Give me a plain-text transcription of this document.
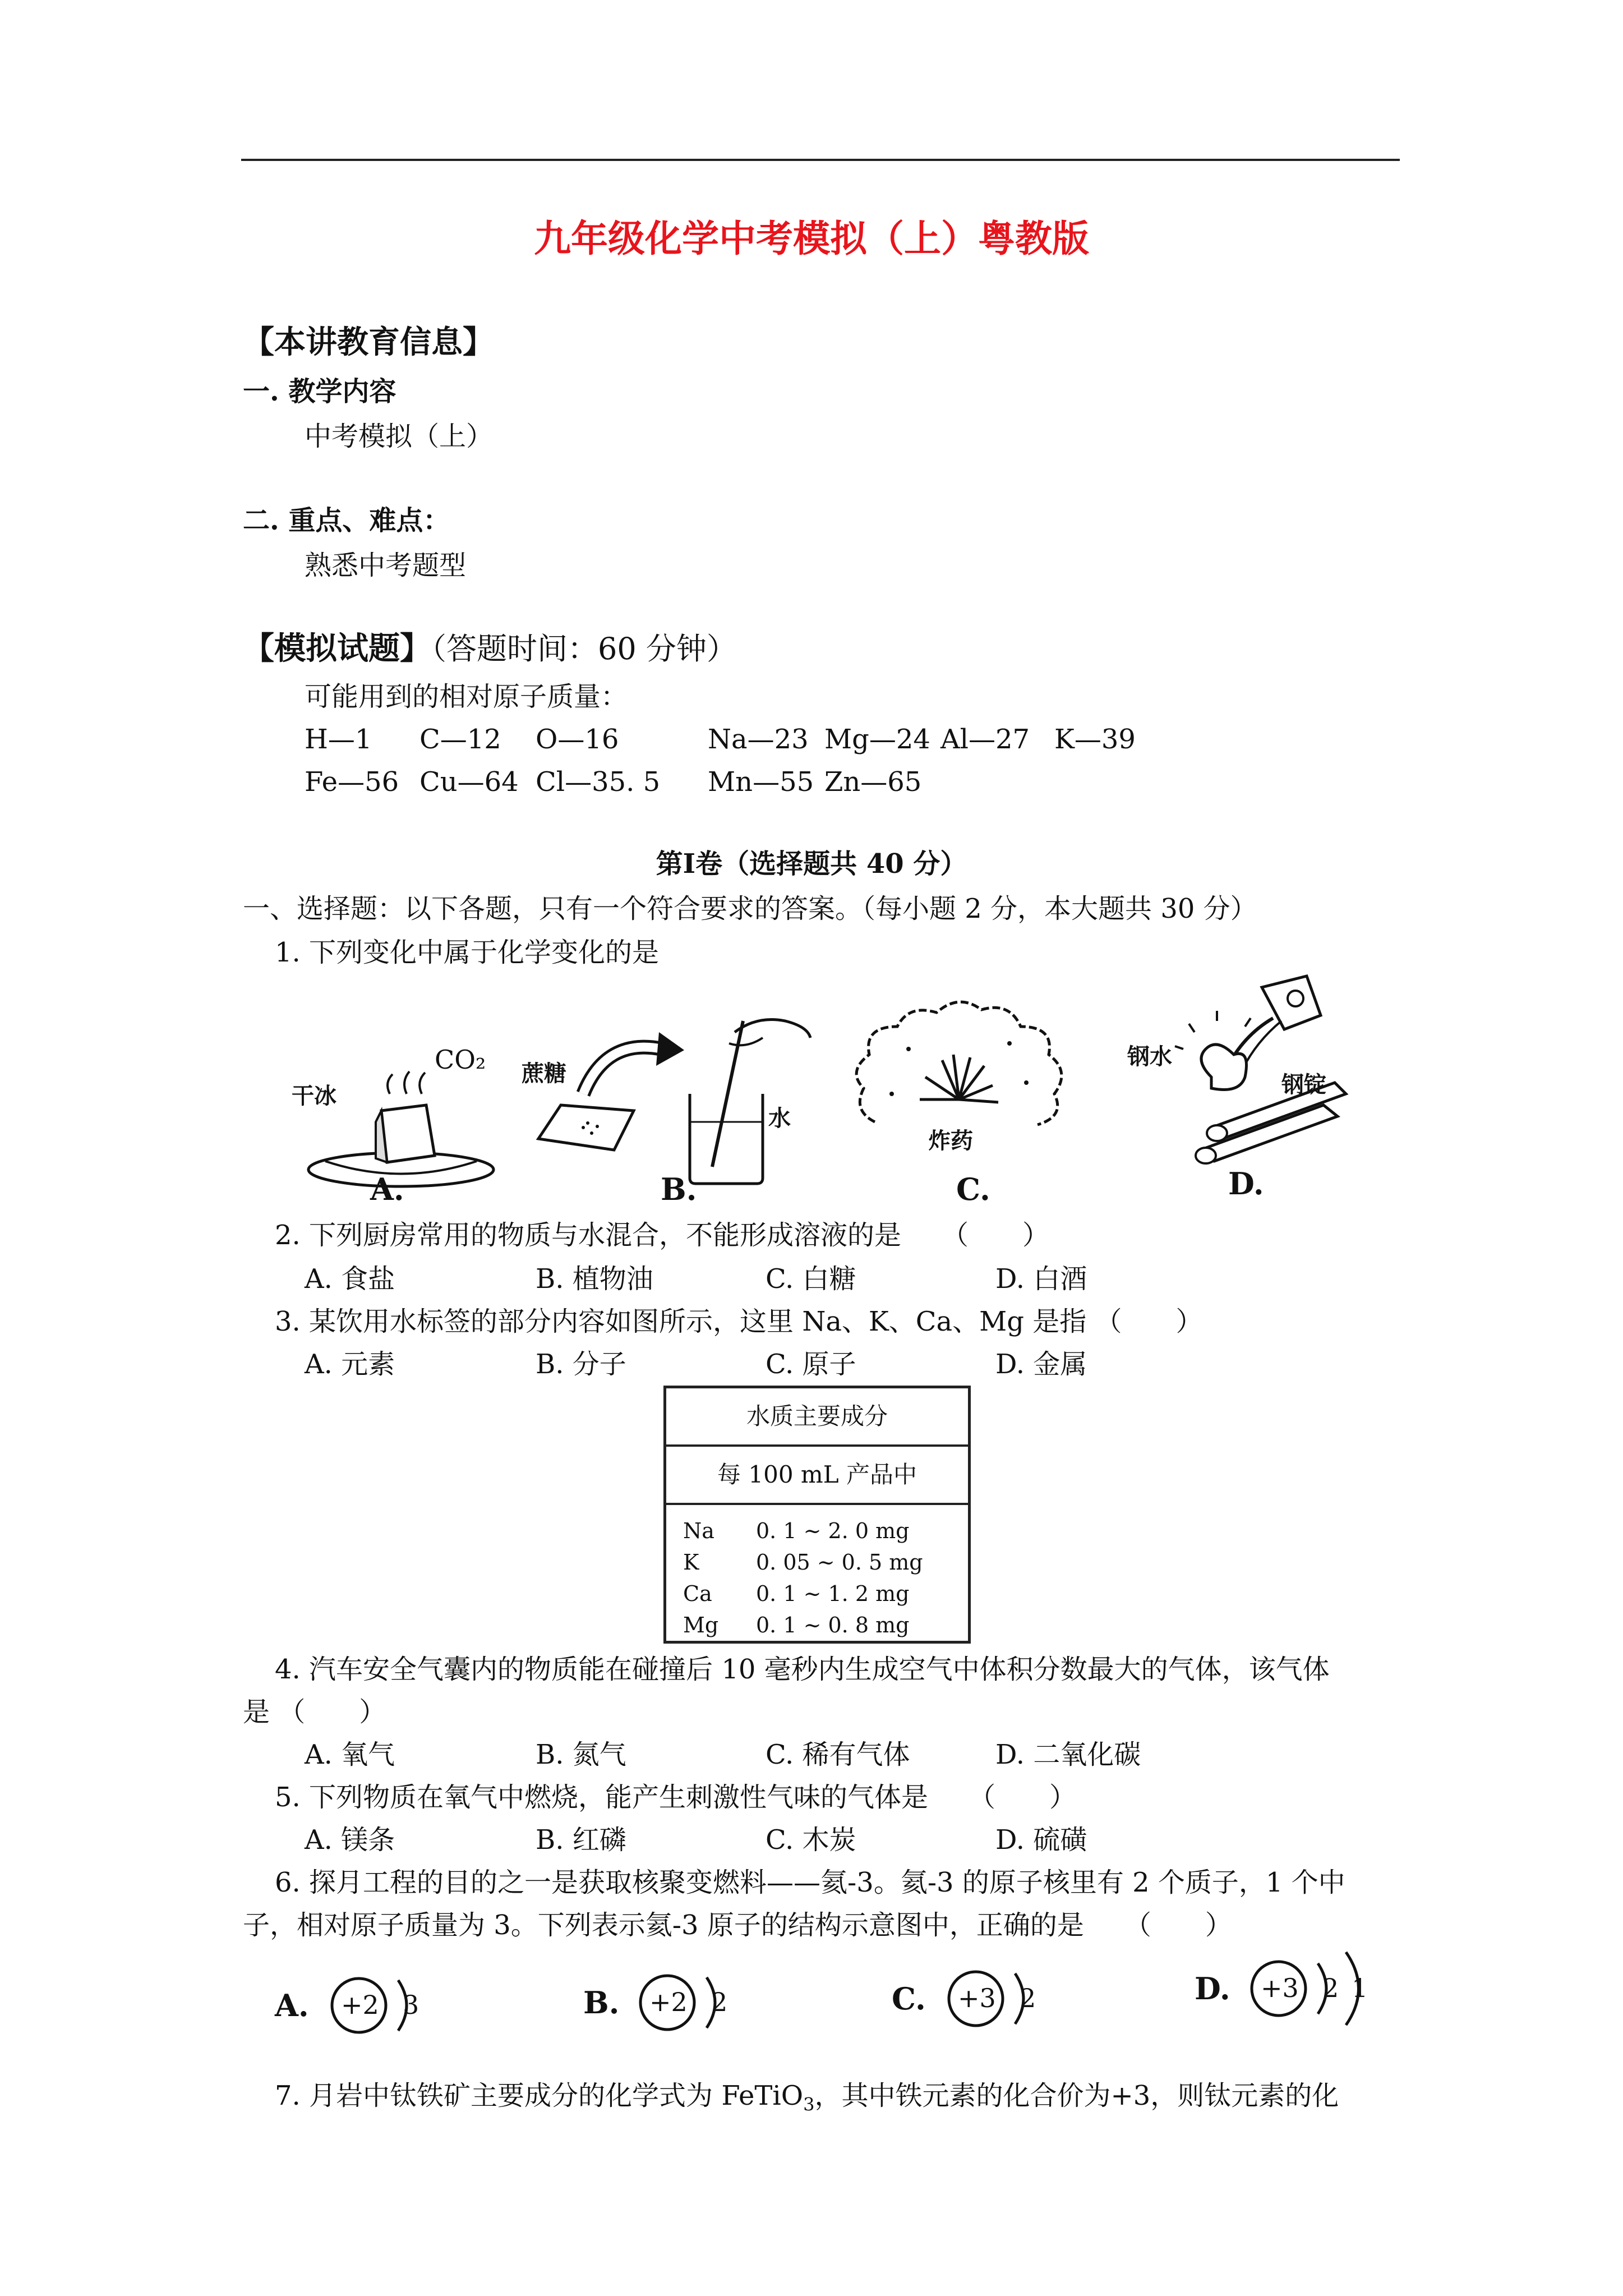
九年级化学中考模拟（上）粤教版
【本讲教育信息】
一. 教学内容
中考模拟（上）
二. 重点、难点：
熟悉中考题型
【模拟试题】（答题时间：60 分钟）
可能用到的相对原子质量：
H—1 C—12 O—16	Na—23 Mg—24 Al—27 K—39
Fe—56 Cu—64 Cl—35. 5 Mn—55 Zn—65
第Ⅰ卷（选择题共 40 分）
一、选择题：以下各题，只有一个符合要求的答案。（每小题 2 分，本大题共 30 分）
1. 下列变化中属于化学变化的是
干冰
CO₂
A.
蔗糖
水
B.
炸药
C.
钢水
钢锭
D.
2. 下列厨房常用的物质与水混合，不能形成溶液的是　　（　　）
A. 食盐	B. 植物油	C. 白糖	D. 白酒
3. 某饮用水标签的部分内容如图所示，这里 Na、K、Ca、Mg 是指 （　　）
A. 元素	B. 分子	C. 原子	D. 金属
水质主要成分
每 100 mL 产品中
Na 0. 1 ~ 2. 0 mg
K	0. 05 ~ 0. 5 mg
Ca 0. 1 ~ 1. 2 mg
Mg 0. 1 ~ 0. 8 mg
4. 汽车安全气囊内的物质能在碰撞后 10 毫秒内生成空气中体积分数最大的气体，该气体
是 （　　）
A. 氧气	B. 氮气	C. 稀有气体	D. 二氧化碳
5. 下列物质在氧气中燃烧，能产生刺激性气味的气体是　　（　　）
A. 镁条	B. 红磷	C. 木炭	D. 硫磺
6. 探月工程的目的之一是获取核聚变燃料——氦-3。氦-3 的原子核里有 2 个质子，1 个中
子，相对原子质量为 3。下列表示氦-3 原子的结构示意图中，正确的是　　（　　）
A. +2 3	B. +2 2	C. +3 2	D. +3 2 1
7. 月岩中钛铁矿主要成分的化学式为 FeTiO$_3$，其中铁元素的化合价为+3，则钛元素的化
